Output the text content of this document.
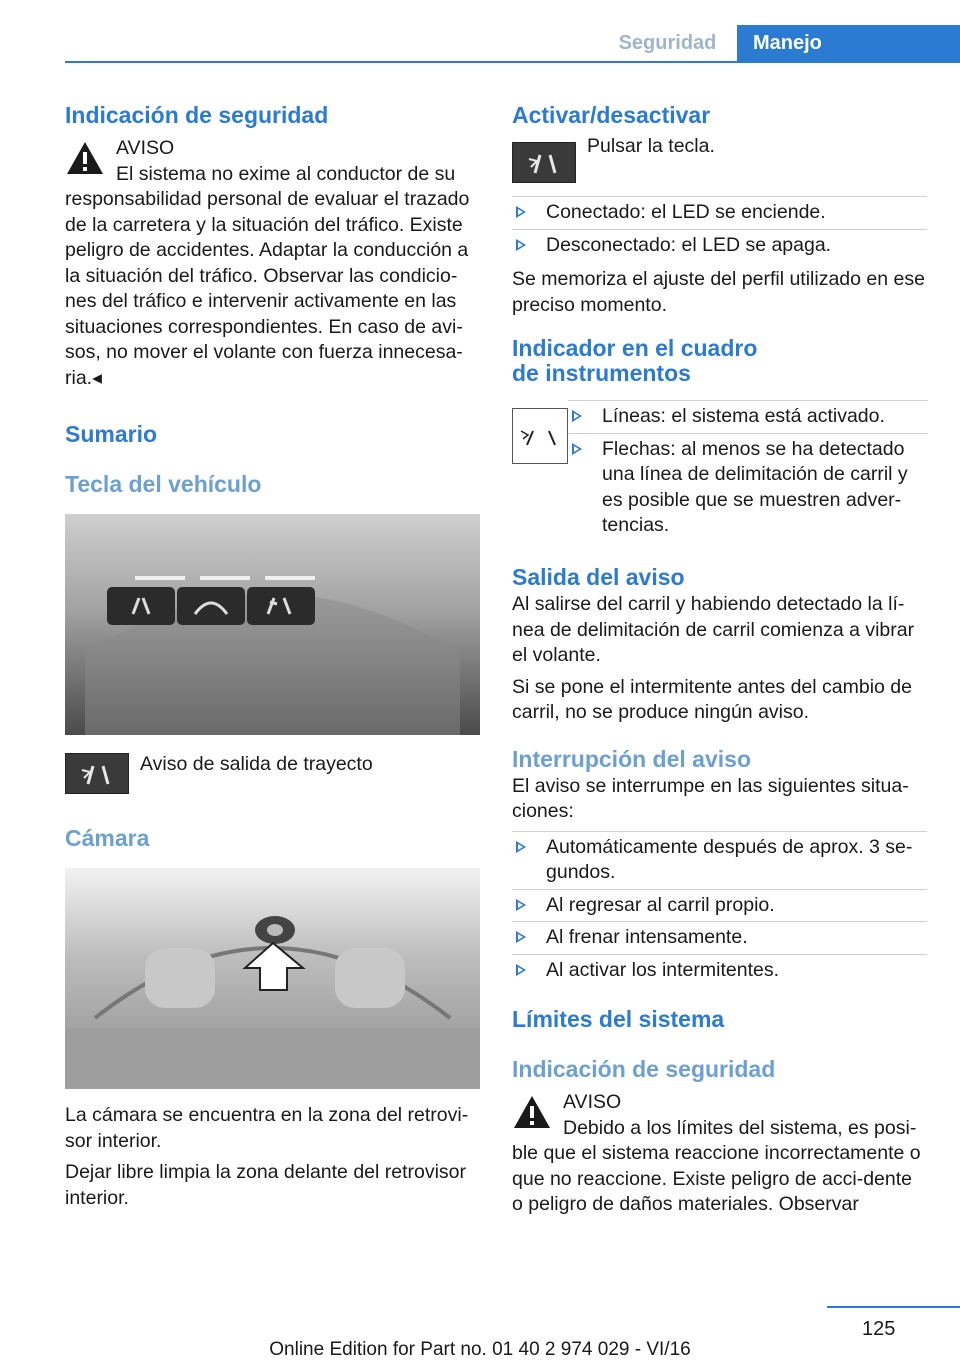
Seguridad	Manejo
Indicación de seguridad

AVISO

El sistema no exime al conductor de su

responsabilidad personal de evaluar el trazado de la carretera y la situación del tráfico. Existe peligro de accidentes. Adaptar la conducción a la situación del tráfico. Observar las condicio-nes del tráfico e intervenir activamente en las situaciones correspondientes. En caso de avi-sos, no mover el volante con fuerza innecesa-ria.◂

Sumario
Tecla del vehículo

Aviso de salida de trayecto

Cámara

La cámara se encuentra en la zona del retrovi-sor interior.

Dejar libre limpia la zona delante del retrovisor interior.

Activar/desactivar

Pulsar la tecla.

Conectado: el LED se enciende.
Desconectado: el LED se apaga.

Se memoriza el ajuste del perfil utilizado en ese preciso momento.

Indicador en el cuadro
de instrumentos
Líneas: el sistema está activado.
Flechas: al menos se ha detectado una línea de delimitación de carril y es posible que se muestren adver-tencias.
Salida del aviso

Al salirse del carril y habiendo detectado la lí-nea de delimitación de carril comienza a vibrar el volante.

Si se pone el intermitente antes del cambio de carril, no se produce ningún aviso.

Interrupción del aviso

El aviso se interrumpe en las siguientes situa-ciones:

Automáticamente después de aprox. 3 se-gundos.
Al regresar al carril propio.
Al frenar intensamente.
Al activar los intermitentes.
Límites del sistema
Indicación de seguridad

AVISO

Debido a los límites del sistema, es posi-

ble que el sistema reaccione incorrectamente o que no reaccione. Existe peligro de acci-dente o peligro de daños materiales. Observar

125
Online Edition for Part no. 01 40 2 974 029 - VI/16
